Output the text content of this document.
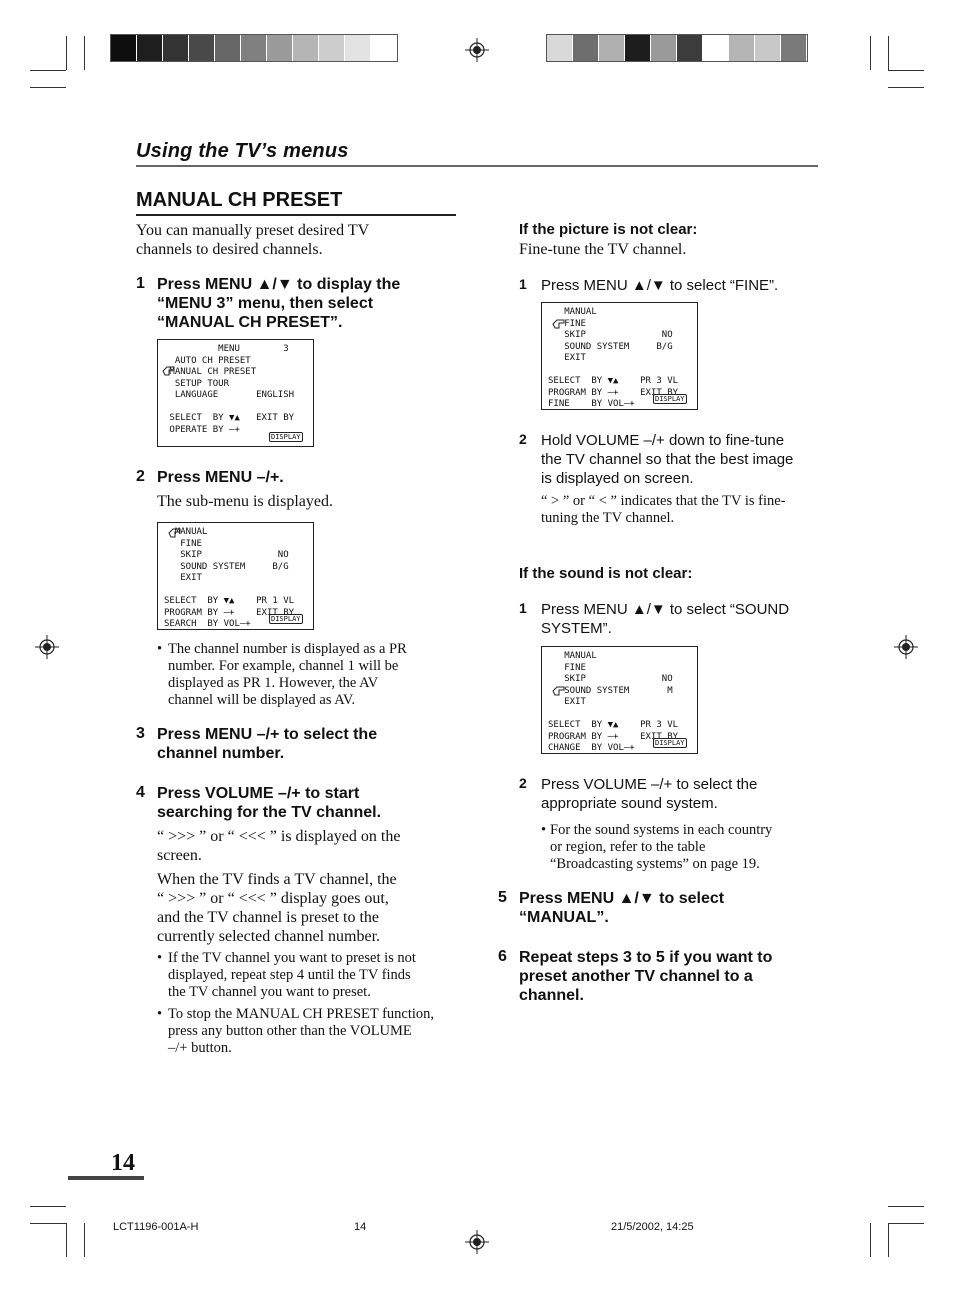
Using the TV’s menus
MANUAL CH PRESET
You can manually preset desired TV
channels to desired channels.
1 Press MENU ▲/▼ to display the
“MENU 3” menu, then select
“MANUAL CH PRESET”.
MENU        3
AUTO CH PRESET
MANUAL CH PRESET
SETUP TOUR
LANGUAGE       ENGLISH

SELECT  BY ▼▲   EXIT BY
OPERATE BY —+
DISPLAY
2 Press MENU –/+.
The sub-menu is displayed.
MANUAL
FINE
SKIP              NO
SOUND SYSTEM     B/G
EXIT

SELECT  BY ▼▲    PR 1 VL
PROGRAM BY —+    EXIT BY
SEARCH  BY VOL—+	DISPLAY
• The channel number is displayed as a PR
number. For example, channel 1 will be
displayed as PR 1. However, the AV
channel will be displayed as AV.
3 Press MENU –/+ to select the
channel number.
4 Press VOLUME –/+ to start
searching for the TV channel.
“ >>> ” or “ <<< ” is displayed on the
screen.
When the TV finds a TV channel, the
“ >>> ” or “ <<< ” display goes out,
and the TV channel is preset to the
currently selected channel number.
• If the TV channel you want to preset is not
displayed, repeat step 4 until the TV finds
the TV channel you want to preset.
• To stop the MANUAL CH PRESET function,
press any button other than the VOLUME
–/+ button.
If the picture is not clear:
Fine-tune the TV channel.
1 Press MENU ▲/▼ to select “FINE”.
MANUAL
FINE
SKIP              NO
SOUND SYSTEM     B/G
EXIT

SELECT  BY ▼▲    PR 3 VL
PROGRAM BY —+    EXIT BY
FINE    BY VOL—+	DISPLAY
2 Hold VOLUME –/+ down to fine-tune
the TV channel so that the best image
is displayed on screen.
“ > ” or “ < ” indicates that the TV is fine-
tuning the TV channel.
If the sound is not clear:
1 Press MENU ▲/▼ to select “SOUND
SYSTEM”.
MANUAL
FINE
SKIP              NO
SOUND SYSTEM       M
EXIT

SELECT  BY ▼▲    PR 3 VL
PROGRAM BY —+    EXIT BY
CHANGE  BY VOL—+	DISPLAY
2 Press VOLUME –/+ to select the
appropriate sound system.
• For the sound systems in each country
or region, refer to the table
“Broadcasting systems” on page 19.
5 Press MENU ▲/▼ to select
“MANUAL”.
6 Repeat steps 3 to 5 if you want to
preset another TV channel to a
channel.
14
LCT1196-001A-H	14	21/5/2002, 14:25
